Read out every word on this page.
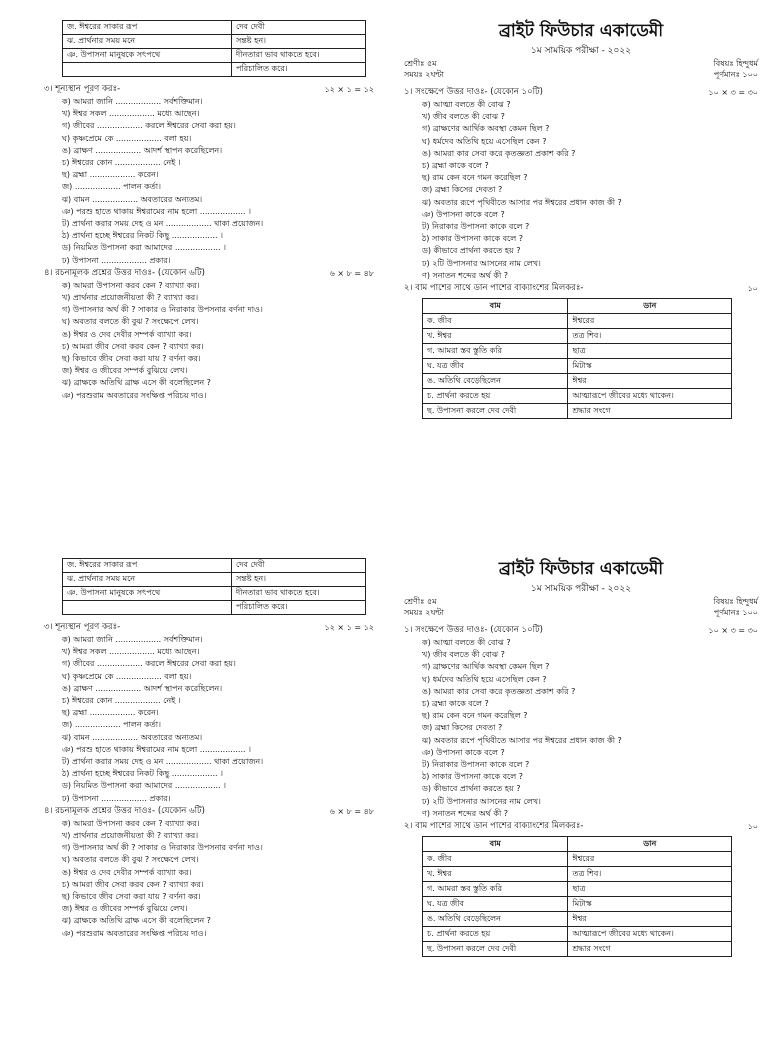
জ. ঈশ্বরের সাকার রূপ	দেব দেবী
ঝ. প্রার্থনার সময় মনে	সন্তষ্ট হন।
ঞ. উপাসনা মানুষকে সৎপথে	দীনতারা ভাব থাকতে হবে।
	পরিচালিত করে।
৩। শূন্যস্থান পূরণ করঃ-	১২ × ১ = ১২
ক) আমরা জানি .................. সর্বশক্তিমান।
খ) ঈশ্বর সকল .................. মধ্যে আছেন।
গ) জীবের .................. করলে ঈশ্বরের সেবা করা হয়।
ঘ) কৃষ্ণপ্রেমে কে .................. বলা হয়।
ঙ) ব্রাক্ষণ .................. আদর্শ স্থাপন করেছিলেন।
চ) ঈশ্বরের কোন .................. নেই ।
ছ) ব্রহ্মা .................. করেন।
জ) .................. পালন কর্তা।
ঝ) বামন .................. অবতারের অন্যতম।
ঞ) পরশু হাতে থাকায় ঈশ্বরামের নাম হলো .................. ।
ট) প্রার্থনা করার সময় দেহ ও মন .................. থাকা প্রয়োজন।
ঠ) প্রার্থনা হচ্ছে ঈশ্বরের নিকট কিছু .................. ।
ড) নিয়মিত উপাসনা করা আমাদের .................. ।
ঢ) উপাসনা .................. প্রকার।
৪। রচনামূলক প্রশ্নের উত্তর দাওঃ- (যেকোন ৬টি)	৬ × ৮ = ৪৮
ক) আমরা উপাসনা করব কেন ? ব্যাখ্যা কর।
খ) প্রার্থনার প্রয়োজনীয়তা কী ? ব্যাখ্যা কর।
গ) উপাসনার অর্থ কী ? সাকার ও নিরাকার উপসনার বর্ণনা দাও।
ঘ) অবতার বলতে কী বুঝ ? সংক্ষেপে লেখ।
ঙ) ঈশ্বর ও দেব দেবীর সম্পর্ক ব্যাখ্যা কর।
চ) আমরা জীব সেবা করব কেন ? ব্যাখ্যা কর।
ছ) কিভাবে জীব সেবা করা যায় ? বর্ণনা কর।
জ) ঈশ্বর ও জীবের সম্পর্ক বুঝিয়ে লেখ।
ঝ) ব্রাক্ষকে অতিথি ব্রাক্ষ এসে কী বলেছিলেন ?
ঞ) পরশুরাম অবতারের সংক্ষিপ্ত পরিচয় দাও।
ব্রাইট ফিউচার একাডেমী
১ম সাময়িক পরীক্ষা - ২০২২
শ্রেণীঃ ৫ম	বিষয়ঃ হিন্দুধর্ম
সময়ঃ ২ঘন্টা	পূর্ণমানঃ ১০০
১। সংক্ষেপে উত্তর দাওঃ- (যেকোন ১০টি)	১০ × ৩ = ৩০
ক) আত্মা বলতে কী বোঝ ?
খ) জীব বলতে কী বোঝ ?
গ) ব্রাক্ষণের আর্থিক অবস্থা কেমন ছিল ?
ঘ) ধর্মদেব অতিথি হয়ে এসেছিল কেন ?
ঙ) আমরা কার সেবা করে কৃতজ্ঞতা প্রকাশ করি ?
চ) ব্রহ্মা কাকে বলে ?
ছ) রাম কেন বনে গমন করেছিল ?
জ) ব্রহ্মা কিসের দেবতা ?
ঝ) অবতার রূপে পৃথিবীতে আসার পর ঈশ্বরের প্রধান কাজ কী ?
ঞ) উপাসনা কাকে বলে ?
ট) নিরাকার উপাসনা কাকে বলে ?
ঠ) সাকার উপাসনা কাকে বলে ?
ড) কীভাবে প্রার্থনা করতে হয় ?
ঢ) ২টি উপাসনার আসনের নাম লেখ।
ণ) সনাতন শব্দের অর্থ কী ?
২। বাম পাশের সাথে ডান পাশের বাক্যাংশের মিলকরঃ-	১০
বাম	ডান
ক. জীব	ঈশ্বরের
খ. ঈশ্বর	তত্র শিব।
গ. আমরা স্তব স্তুতি করি	ছাত্র
ঘ. যত্র জীব	মিটাস্ক
ঙ. অতিথি বেড়েছিলেন	ঈশ্বর
চ. প্রার্থনা করতে হয়	আত্মারূপে জীবের মধ্যে থাকেন।
ছ. উপাসনা করলে দেব দেবী	শ্রদ্ধার সংগে
জ. ঈশ্বরের সাকার রূপ	দেব দেবী
ঝ. প্রার্থনার সময় মনে	সন্তষ্ট হন।
ঞ. উপাসনা মানুষকে সৎপথে	দীনতারা ভাব থাকতে হবে।
	পরিচালিত করে।
৩। শূন্যস্থান পূরণ করঃ-	১২ × ১ = ১২
ক) আমরা জানি .................. সর্বশক্তিমান।
খ) ঈশ্বর সকল .................. মধ্যে আছেন।
গ) জীবের .................. করলে ঈশ্বরের সেবা করা হয়।
ঘ) কৃষ্ণপ্রেমে কে .................. বলা হয়।
ঙ) ব্রাক্ষণ .................. আদর্শ স্থাপন করেছিলেন।
চ) ঈশ্বরের কোন .................. নেই ।
ছ) ব্রহ্মা .................. করেন।
জ) .................. পালন কর্তা।
ঝ) বামন .................. অবতারের অন্যতম।
ঞ) পরশু হাতে থাকায় ঈশ্বরামের নাম হলো .................. ।
ট) প্রার্থনা করার সময় দেহ ও মন .................. থাকা প্রয়োজন।
ঠ) প্রার্থনা হচ্ছে ঈশ্বরের নিকট কিছু .................. ।
ড) নিয়মিত উপাসনা করা আমাদের .................. ।
ঢ) উপাসনা .................. প্রকার।
৪। রচনামূলক প্রশ্নের উত্তর দাওঃ- (যেকোন ৬টি)	৬ × ৮ = ৪৮
ক) আমরা উপাসনা করব কেন ? ব্যাখ্যা কর।
খ) প্রার্থনার প্রয়োজনীয়তা কী ? ব্যাখ্যা কর।
গ) উপাসনার অর্থ কী ? সাকার ও নিরাকার উপসনার বর্ণনা দাও।
ঘ) অবতার বলতে কী বুঝ ? সংক্ষেপে লেখ।
ঙ) ঈশ্বর ও দেব দেবীর সম্পর্ক ব্যাখ্যা কর।
চ) আমরা জীব সেবা করব কেন ? ব্যাখ্যা কর।
ছ) কিভাবে জীব সেবা করা যায় ? বর্ণনা কর।
জ) ঈশ্বর ও জীবের সম্পর্ক বুঝিয়ে লেখ।
ঝ) ব্রাক্ষকে অতিথি ব্রাক্ষ এসে কী বলেছিলেন ?
ঞ) পরশুরাম অবতারের সংক্ষিপ্ত পরিচয় দাও।
ব্রাইট ফিউচার একাডেমী
১ম সাময়িক পরীক্ষা - ২০২২
শ্রেণীঃ ৫ম	বিষয়ঃ হিন্দুধর্ম
সময়ঃ ২ঘন্টা	পূর্ণমানঃ ১০০
১। সংক্ষেপে উত্তর দাওঃ- (যেকোন ১০টি)	১০ × ৩ = ৩০
ক) আত্মা বলতে কী বোঝ ?
খ) জীব বলতে কী বোঝ ?
গ) ব্রাক্ষণের আর্থিক অবস্থা কেমন ছিল ?
ঘ) ধর্মদেব অতিথি হয়ে এসেছিল কেন ?
ঙ) আমরা কার সেবা করে কৃতজ্ঞতা প্রকাশ করি ?
চ) ব্রহ্মা কাকে বলে ?
ছ) রাম কেন বনে গমন করেছিল ?
জ) ব্রহ্মা কিসের দেবতা ?
ঝ) অবতার রূপে পৃথিবীতে আসার পর ঈশ্বরের প্রধান কাজ কী ?
ঞ) উপাসনা কাকে বলে ?
ট) নিরাকার উপাসনা কাকে বলে ?
ঠ) সাকার উপাসনা কাকে বলে ?
ড) কীভাবে প্রার্থনা করতে হয় ?
ঢ) ২টি উপাসনার আসনের নাম লেখ।
ণ) সনাতন শব্দের অর্থ কী ?
২। বাম পাশের সাথে ডান পাশের বাক্যাংশের মিলকরঃ-	১০
বাম	ডান
ক. জীব	ঈশ্বরের
খ. ঈশ্বর	তত্র শিব।
গ. আমরা স্তব স্তুতি করি	ছাত্র
ঘ. যত্র জীব	মিটাস্ক
ঙ. অতিথি বেড়েছিলেন	ঈশ্বর
চ. প্রার্থনা করতে হয়	আত্মারূপে জীবের মধ্যে থাকেন।
ছ. উপাসনা করলে দেব দেবী	শ্রদ্ধার সংগে
